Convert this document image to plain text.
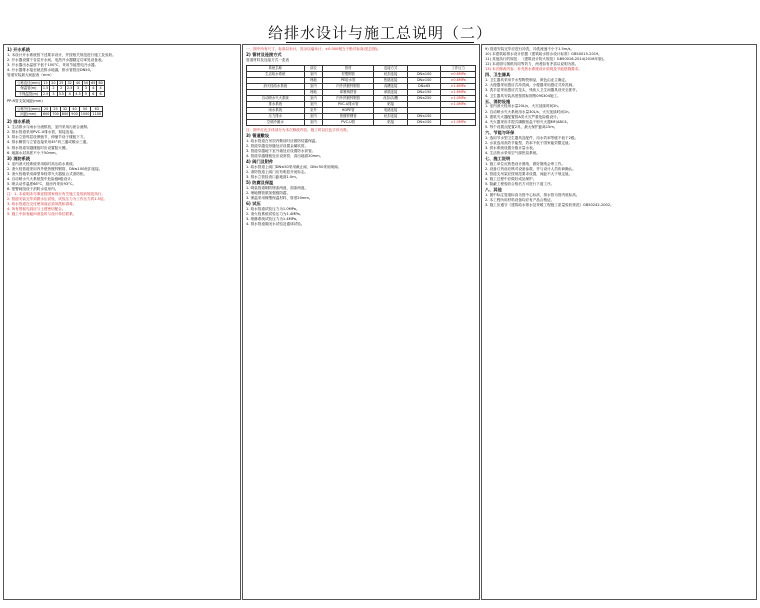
给排水设计与施工总说明（二）
1) 开水系统
1. 本设计开水系统按下述要求设计，并按相关规范进行施工及验收。
2. 开水器设置于各层开水间，电热开水器额定功率见设备表。
3. 开水器出水温度不低于100°C，采用节能型电开水器。
4. 开水器排水接至就近排水地漏，排水管管径DN50。
管道安装最大间距表（mm）
公称直径(mm)	15	20	25	32	40	50	65	80
保温管(m)	1.5	2	2	2.5	3	3	4	4
不保温管(m)	2.5	3	3.5	4	4.5	5	6	6
PP-R管支架间距(mm)
公称外径(mm)	20	25	32	40	50	63
间距(mm)	600	700	800	900	1000	1100
2) 排水系统
1. 生活排水与雨水分流排放，室内采用污废合流制。
2. 排水管道采用PVC-U排水管，粘接连接。
3. 排水立管每层设伸缩节，伸缩节设于楼板下方。
4. 排水横管与立管连接采用45°斜三通或顺水三通。
5. 排水管道穿越楼板时应设置阻火圈。
6. 地漏水封高度不小于50mm。
3) 消防系统
1. 室内消火栓系统采用临时高压给水系统。
2. 消火栓管道采用内外壁热镀锌钢管，DN≤100丝扣连接。
3. 消火栓箱采用薄型单栓带灭火器组合式消防柜。
4. 自动喷水灭火系统按中危险级Ⅱ级设计。
5. 喷头动作温度68°C，厨房内采用93°C。
6. 报警阀组设于消防水泵房内。
注：1. 本说明未尽事宜按国家现行有关施工及验收规范执行。
2. 管道安装完毕须做水压试验，试验压力为工作压力的1.5倍。
3. 给水管道在交付使用前必须冲洗和消毒。
4. 所有预留孔洞应与土建密切配合。
5. 施工中如有疑问请及时与设计单位联系。
一、图中所有尺寸、标高以米计，其余以毫米计，±0.000相当于绝对标高(见总图)。
2) 管材及连接方式
管道材料及连接方式一览表
系统名称	部位	管材	连接方式		工作压力
生活给水系统	室内	衬塑钢管	丝扣连接	DN≤100	>0.6MPa
	埋地	PE给水管	热熔连接	DN≥100	>0.6MPa
消火栓给水系统	室内	内外热镀锌钢管	沟槽连接	DN≥65	>1.6MPa
	埋地	球墨铸铁管	承插连接	DN≥150	>1.6MPa
自动喷水灭火系统	室内	内外热镀锌钢管	丝扣/沟槽	DN≤250	>1.0MPa
排水系统	室内	PVC-U排水管	粘接		>1.0MPa
雨水系统	室外	HDPE管	电熔连接		
压力排水	室内	热镀锌钢管	丝扣连接	DN≤100	
空调冷凝水	室内	PVC-U管	粘接	DN≤100	>1.0MPa
注：图中红色字体部分为本次修改内容，施工时以红色字体为准。
3) 管道敷设
1. 给水管道在吊顶内敷设时应做防结露保温。
2. 管道穿越变形缝处应设置金属软管。
3. 管道穿越地下室外墙处应设置防水套管。
4. 管道穿越楼板处应设套管，高出地面20mm。
4) 阀门及附件
1. 给水管道上阀门DN≤50采用截止阀，DN>50采用闸阀。
2. 消防管道上阀门应有明显开闭标志。
3. 排水立管检查口距地面1.0m。
5) 防腐及保温
1. 明装管道刷防锈漆两道，面漆两道。
2. 埋地钢管做加强级防腐。
3. 保温采用橡塑保温材料，厚度20mm。
6) 试压
1. 给水管道试验压力为1.0MPa。
2. 消火栓系统试验压力为1.4MPa。
3. 喷淋系统试验压力为1.4MPa。
4. 排水管道做闭水试验及通球试验。
9) 管道安装完毕应进行冲洗，冲洗流速不小于1.5m/s。
10) 本建筑给排水设计依据《建筑给水排水设计标准》GB50015-2019。
11) 其他执行的规范：《建筑设计防火规范》GB50016-2014(2018年版)。
12) 本说明与图纸具同等效力，两者如有矛盾以说明为准。
13) 本次修改内容：补充热水系统设计说明及节能措施要求。
四、卫生器具
1. 卫生器具采用节水型陶瓷制品，颜色由业主确定。
2. 大便器采用感应式冲洗阀，小便器采用感应式冲洗阀。
3. 洗手盆采用感应式龙头，残疾人卫生间器具设安全抓杆。
4. 卫生器具安装高度按国标图集09S304施工。
五、消防设施
1. 室内消火栓用水量20L/s，火灾延续时间2h。
2. 自动喷水灭火系统用水量30L/s，火灾延续时间1h。
3. 建筑灭火器配置按A类火灾严重危险级设计。
4. 灭火器采用手提式磷酸铵盐干粉灭火器MF/ABC4。
5. 每个设置点配置2具，最大保护距离15m。
六、节能与环保
1. 选用节水型卫生器具及配件，用水效率等级不低于2级。
2. 水泵选用高效节能型，效率不低于国家能效限定值。
3. 供水系统设置分级计量水表。
4. 生活热水采用空气源热泵系统。
七、施工说明
1. 施工单位应熟悉设计图纸，做好图纸会审工作。
2. 设备订货前应核对设备参数，并与设计人员协商确认。
3. 管道支吊架应按规范要求设置，间距不大于规定值。
4. 施工过程中应做好成品保护。
5. 隐蔽工程验收合格后方可进行下道工序。
八、其他
1. 图中标注管道标高为管中心标高，排水管为管内底标高。
2. 本工程所用材料设备均应有产品合格证。
3. 施工应遵守《建筑给水排水及采暖工程施工质量验收规范》GB50242-2002。
